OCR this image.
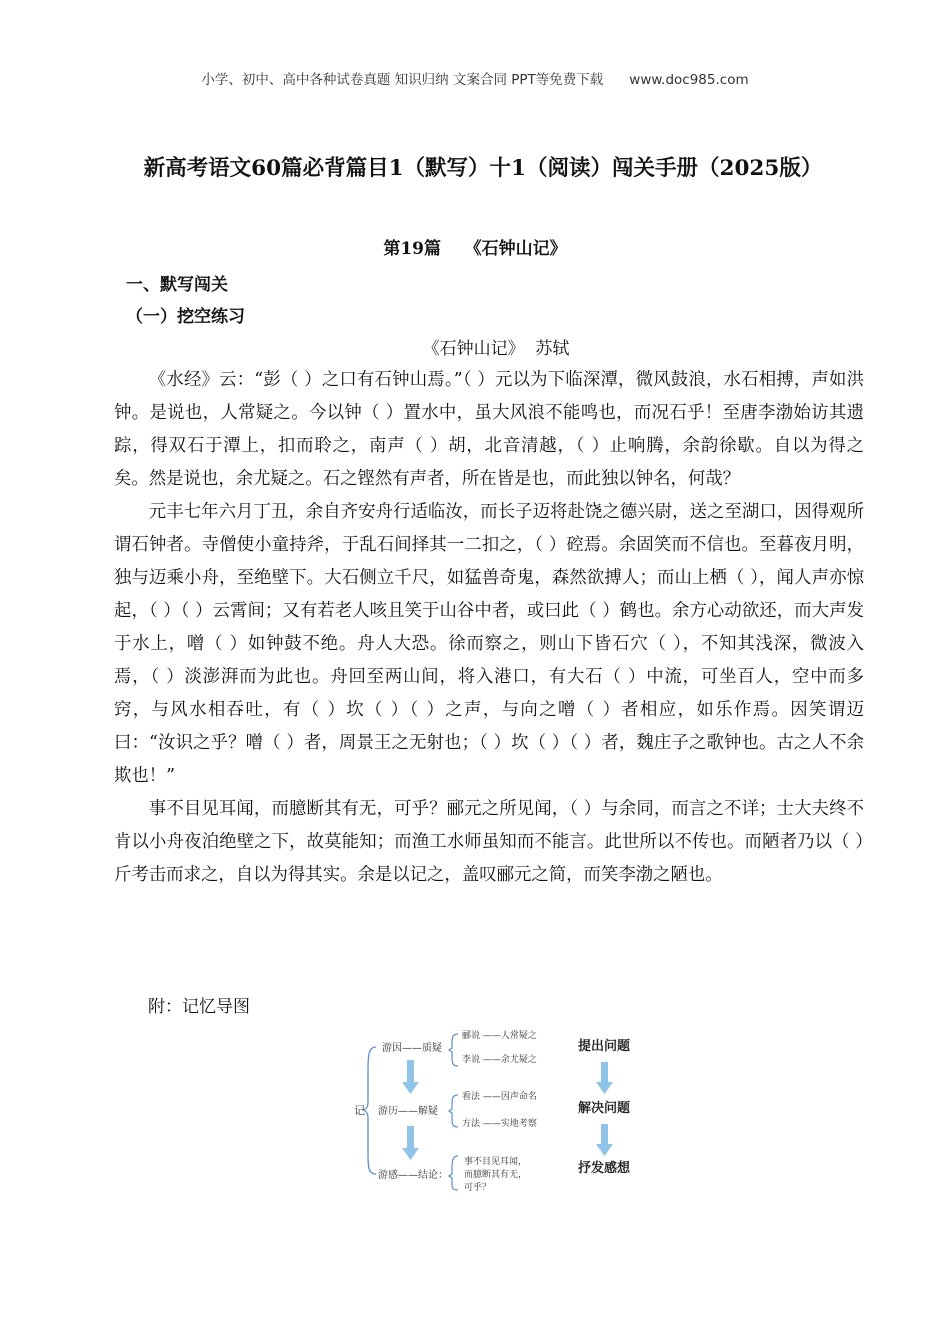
小学、初中、高中各种试卷真题 知识归纳 文案合同 PPT等免费下载 www.doc985.com
新高考语文60篇必背篇目1（默写）十1（阅读）闯关手册（2025版）
第19篇    《石钟山记》
一、默写闯关
（一）挖空练习
《石钟山记》  苏轼

《水经》云：“彭（ ）之口有石钟山焉。”（ ）元以为下临深潭，微风鼓浪，水石相搏，声如洪钟。是说也，人常疑之。今以钟（ ）置水中，虽大风浪不能鸣也，而况石乎！至唐李渤始访其遗踪，得双石于潭上，扣而聆之，南声（ ）胡，北音清越，（ ）止响腾，余韵徐歇。自以为得之矣。然是说也，余尤疑之。石之铿然有声者，所在皆是也，而此独以钟名，何哉？

元丰七年六月丁丑，余自齐安舟行适临汝，而长子迈将赴饶之德兴尉，送之至湖口，因得观所谓石钟者。寺僧使小童持斧，于乱石间择其一二扣之，（ ）硿焉。余固笑而不信也。至暮夜月明，独与迈乘小舟，至绝壁下。大石侧立千尺，如猛兽奇鬼，森然欲搏人；而山上栖（ ），闻人声亦惊起，（ ）（ ）云霄间；又有若老人咳且笑于山谷中者，或曰此（ ）鹤也。余方心动欲还，而大声发于水上，噌（ ）如钟鼓不绝。舟人大恐。徐而察之，则山下皆石穴（ ），不知其浅深，微波入焉，（ ）淡澎湃而为此也。舟回至两山间，将入港口，有大石（ ）中流，可坐百人，空中而多窍，与风水相吞吐，有（ ）坎（ ）（ ）之声，与向之噌（ ）者相应，如乐作焉。因笑谓迈曰：“汝识之乎？噌（ ）者，周景王之无射也；（ ）坎（ ）（ ）者，魏庄子之歌钟也。古之人不余欺也！”

事不目见耳闻，而臆断其有无，可乎？郦元之所见闻，（ ）与余同，而言之不详；士大夫终不肯以小舟夜泊绝壁之下，故莫能知；而渔工水师虽知而不能言。此世所以不传也。而陋者乃以（ ）斤考击而求之，自以为得其实。余是以记之，盖叹郦元之简，而笑李渤之陋也。

附：记忆导图
记
游因——质疑
游历——解疑
游感——结论：
郦说 ——人常疑之
李说 ——余尤疑之
看法 ——因声命名
方法 ——实地考察
事不目见耳闻，
而臆断其有无，
可乎？
提出问题
解决问题
抒发感想
